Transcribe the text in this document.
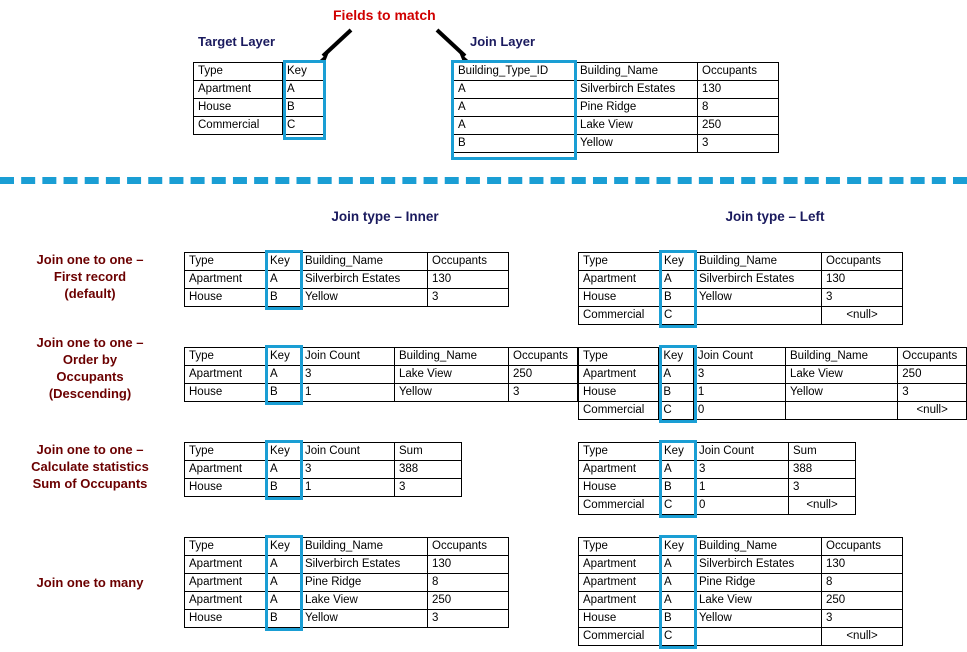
Fields to match
Target Layer	Join Layer
Type	Key
Apartment	A
House	B
Commercial	C
Building_Type_ID	Building_Name	Occupants
A	Silverbirch Estates	130
A	Pine Ridge	8
A	Lake View	250
B	Yellow	3
Join type – Inner	Join type – Left
Join one to one –
First record
(default)
Type	Key	Building_Name	Occupants
Apartment	A	Silverbirch Estates	130
House	B	Yellow	3
Type	Key	Building_Name	Occupants
Apartment	A	Silverbirch Estates	130
House	B	Yellow	3
Commercial	C		<null>
Join one to one –
Order by
Occupants
(Descending)
Type	Key	Join Count	Building_Name	Occupants
Apartment	A	3	Lake View	250
House	B	1	Yellow	3
Type	Key	Join Count	Building_Name	Occupants
Apartment	A	3	Lake View	250
House	B	1	Yellow	3
Commercial	C	0		<null>
Join one to one –
Calculate statistics
Sum of Occupants
Type	Key	Join Count	Sum
Apartment	A	3	388
House	B	1	3
Type	Key	Join Count	Sum
Apartment	A	3	388
House	B	1	3
Commercial	C	0	<null>
Join one to many
Type	Key	Building_Name	Occupants
Apartment	A	Silverbirch Estates	130
Apartment	A	Pine Ridge	8
Apartment	A	Lake View	250
House	B	Yellow	3
Type	Key	Building_Name	Occupants
Apartment	A	Silverbirch Estates	130
Apartment	A	Pine Ridge	8
Apartment	A	Lake View	250
House	B	Yellow	3
Commercial	C		<null>
